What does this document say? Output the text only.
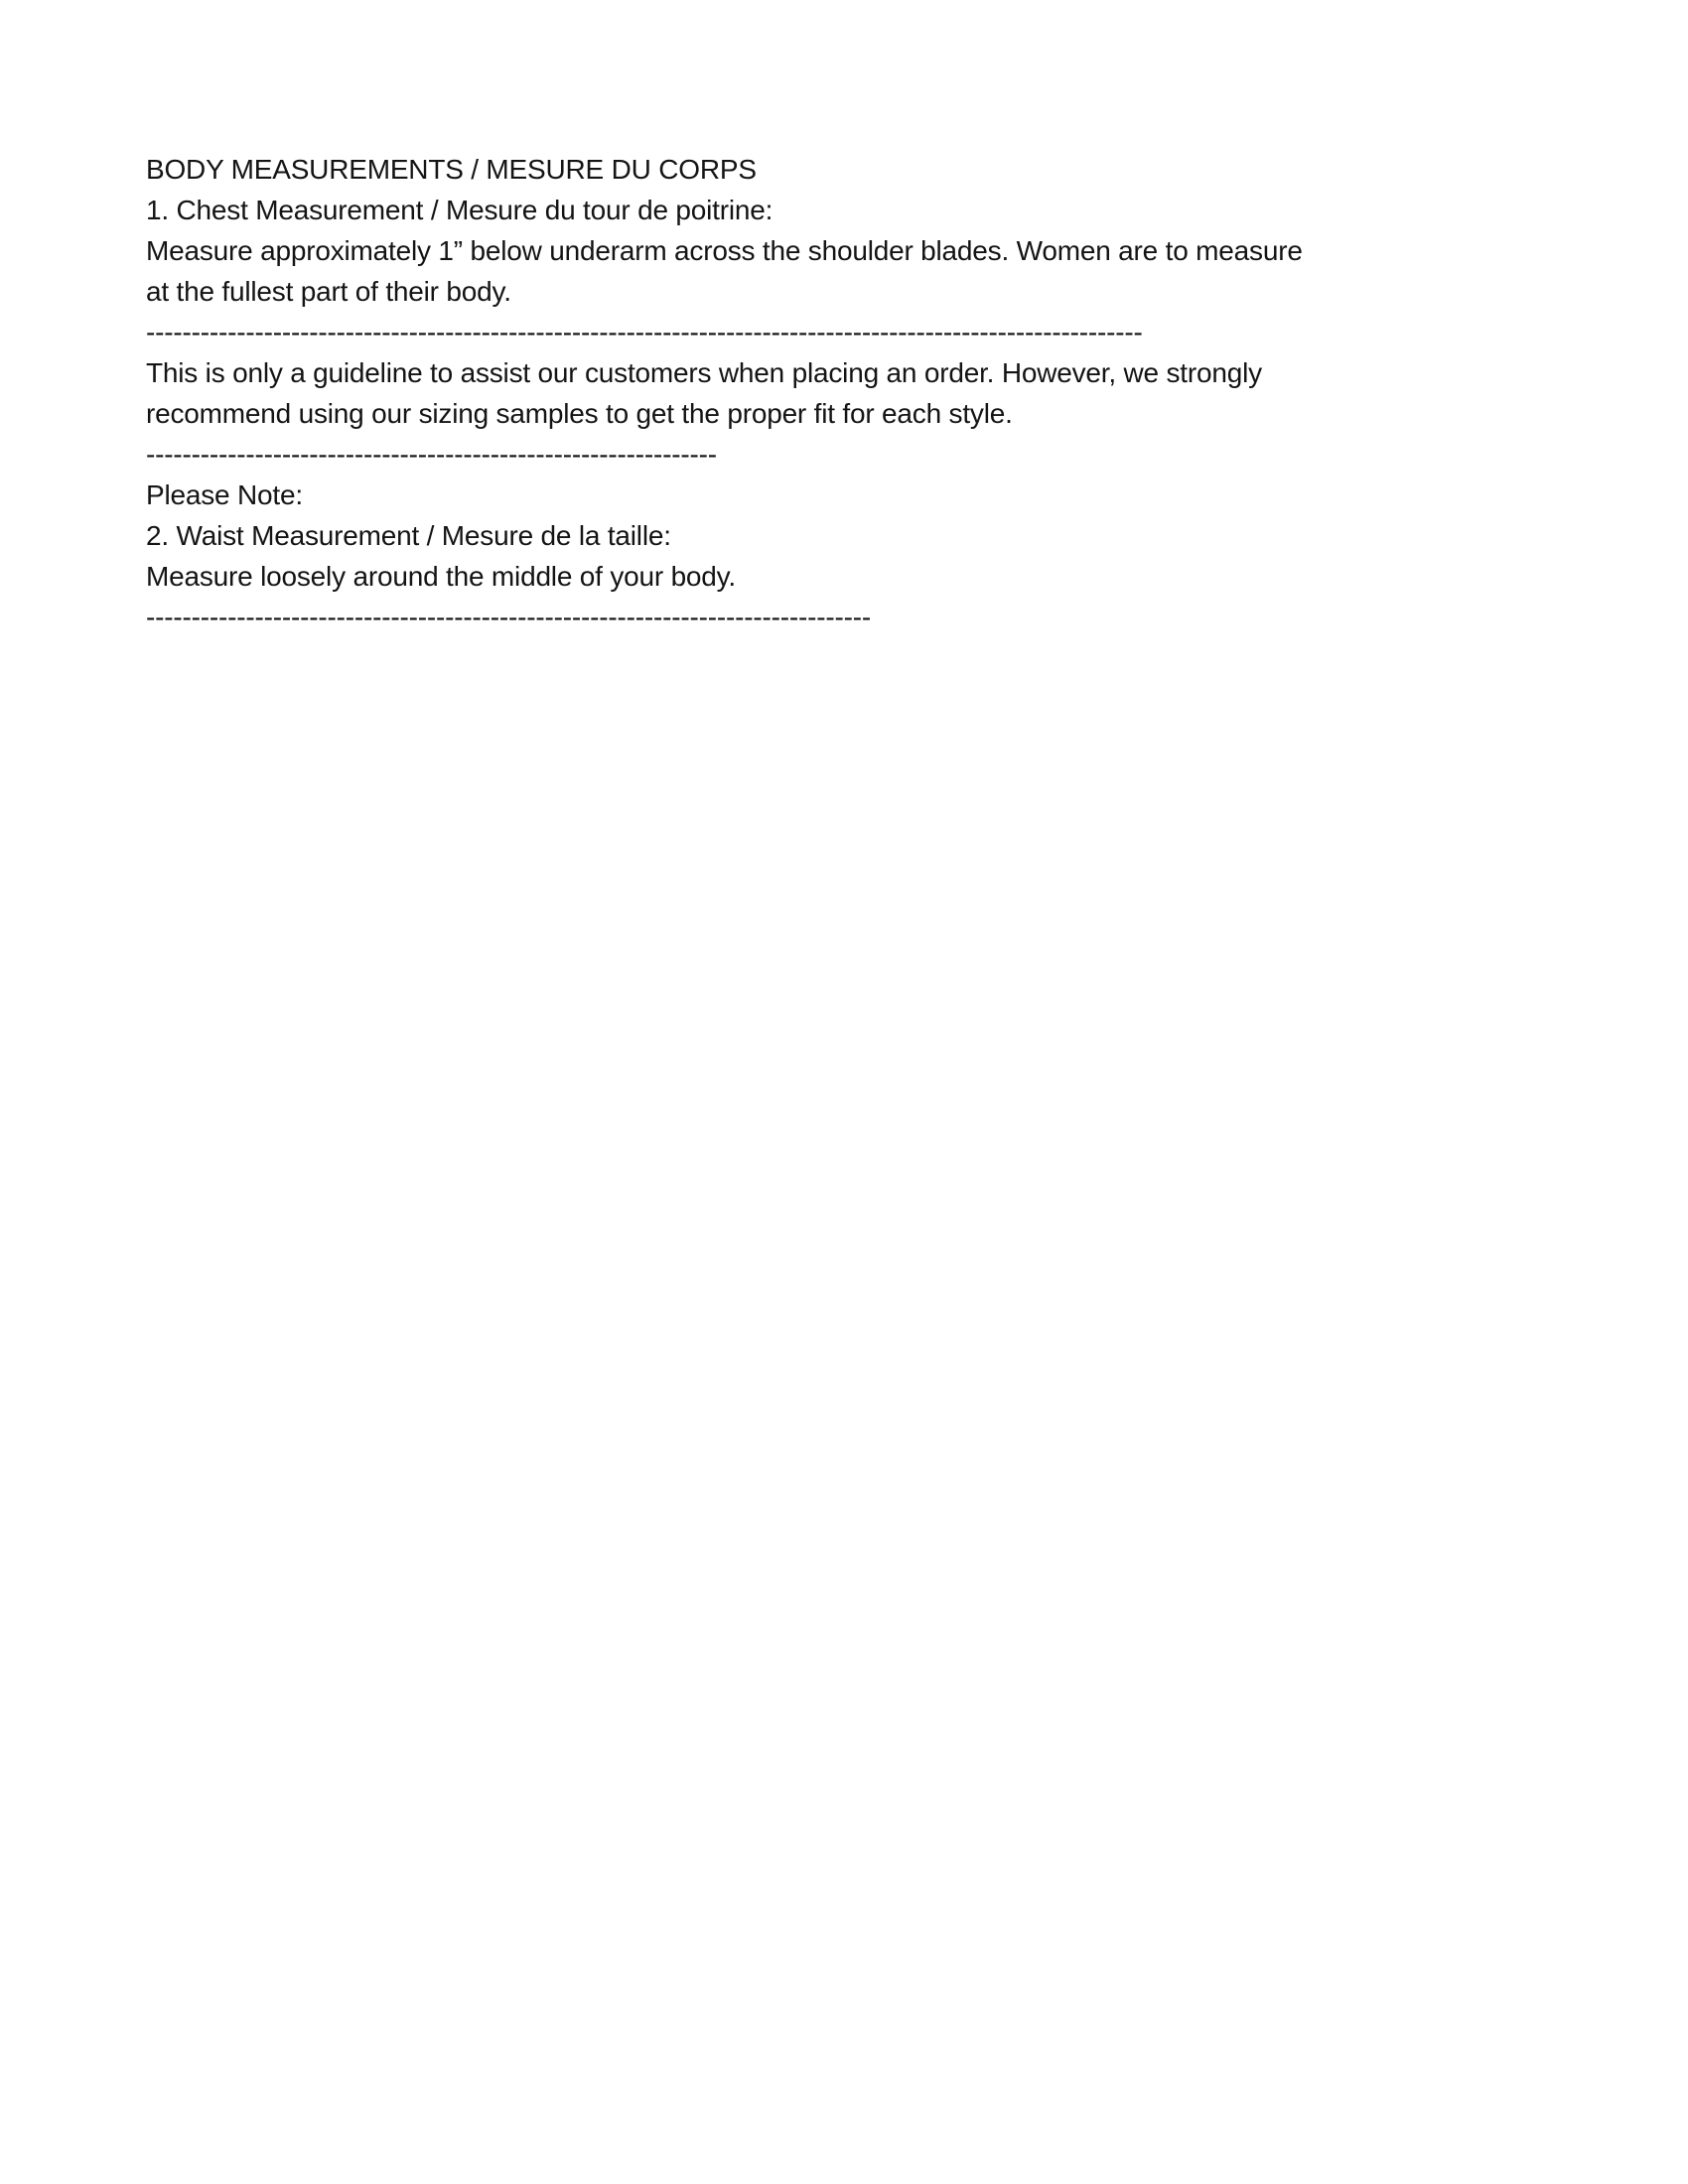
BODY MEASUREMENTS / MESURE DU CORPS
1. Chest Measurement / Mesure du tour de poitrine:
Measure approximately 1” below underarm across the shoulder blades. Women are to measure
at the fullest part of their body.
--------------------------------------------------------------------------------------------------------------
This is only a guideline to assist our customers when placing an order. However, we strongly
recommend using our sizing samples to get the proper fit for each style.
---------------------------------------------------------------
Please Note:
2. Waist Measurement / Mesure de la taille:
Measure loosely around the middle of your body.
--------------------------------------------------------------------------------
